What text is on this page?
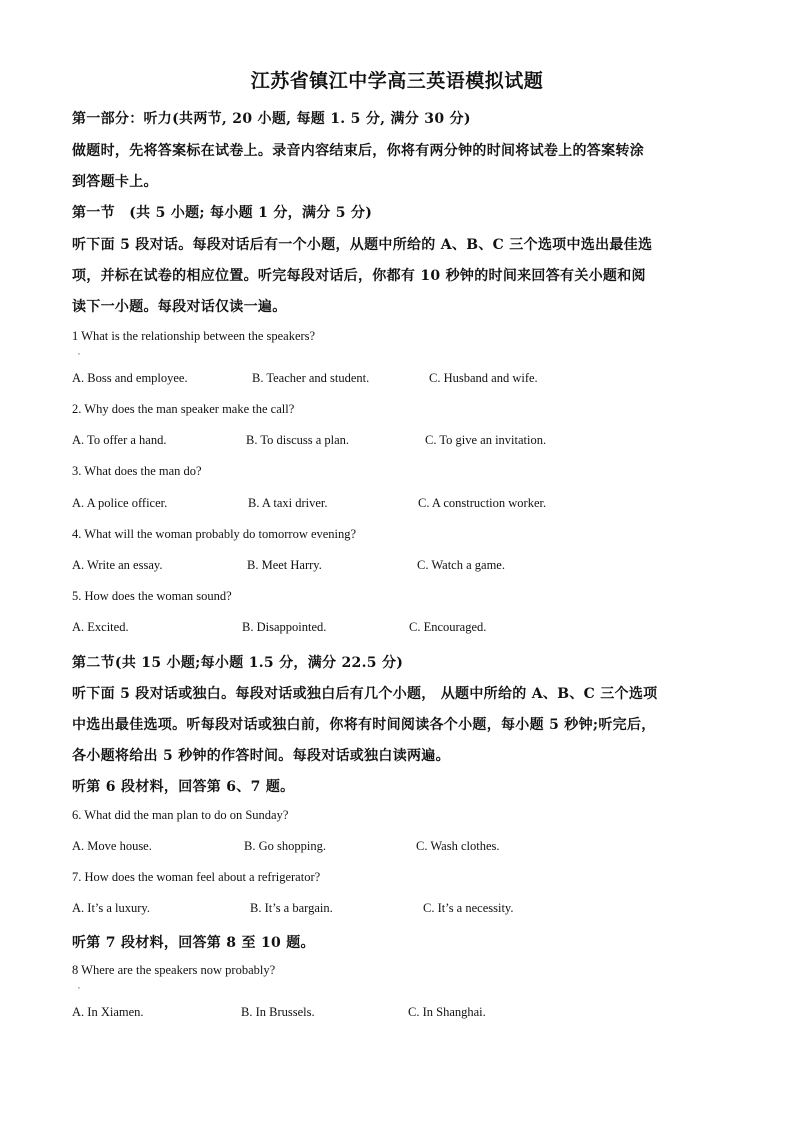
江苏省镇江中学高三英语模拟试题
第一部分：听力(共两节, 20 小题, 每题 1. 5 分, 满分 30 分)
做题时，先将答案标在试卷上。录音内容结束后，你将有两分钟的时间将试卷上的答案转涂
到答题卡上。
第一节　(共 5 小题; 每小题 1 分，满分 5 分)
听下面 5 段对话。每段对话后有一个小题，从题中所给的 A、B、C 三个选项中选出最佳选
项，并标在试卷的相应位置。听完每段对话后，你都有 10 秒钟的时间来回答有关小题和阅
读下一小题。每段对话仅读一遍。
1 What is the relationship between the speakers?
,
A. Boss and employee.	B. Teacher and student.	C. Husband and wife.
2. Why does the man speaker make the call?
A. To offer a hand.	B. To discuss a plan.	C. To give an invitation.
3. What does the man do?
A. A police officer.	B. A taxi driver.	C. A construction worker.
4. What will the woman probably do tomorrow evening?
A. Write an essay.	B. Meet Harry.	C. Watch a game.
5. How does the woman sound?
A. Excited.	B. Disappointed.	C. Encouraged.
第二节(共 15 小题;每小题 1.5 分，满分 22.5 分)
听下面 5 段对话或独白。每段对话或独白后有几个小题， 从题中所给的 A、B、C 三个选项
中选出最佳选项。听每段对话或独白前，你将有时间阅读各个小题，每小题 5 秒钟;听完后，
各小题将给出 5 秒钟的作答时间。每段对话或独白读两遍。
听第 6 段材料，回答第 6、7 题。
6. What did the man plan to do on Sunday?
A. Move house.	B. Go shopping.	C. Wash clothes.
7. How does the woman feel about a refrigerator?
A. It’s a luxury.	B. It’s a bargain.	C. It’s a necessity.
听第 7 段材料，回答第 8 至 10 题。
8 Where are the speakers now probably?
,
A. In Xiamen.	B. In Brussels.	C. In Shanghai.
